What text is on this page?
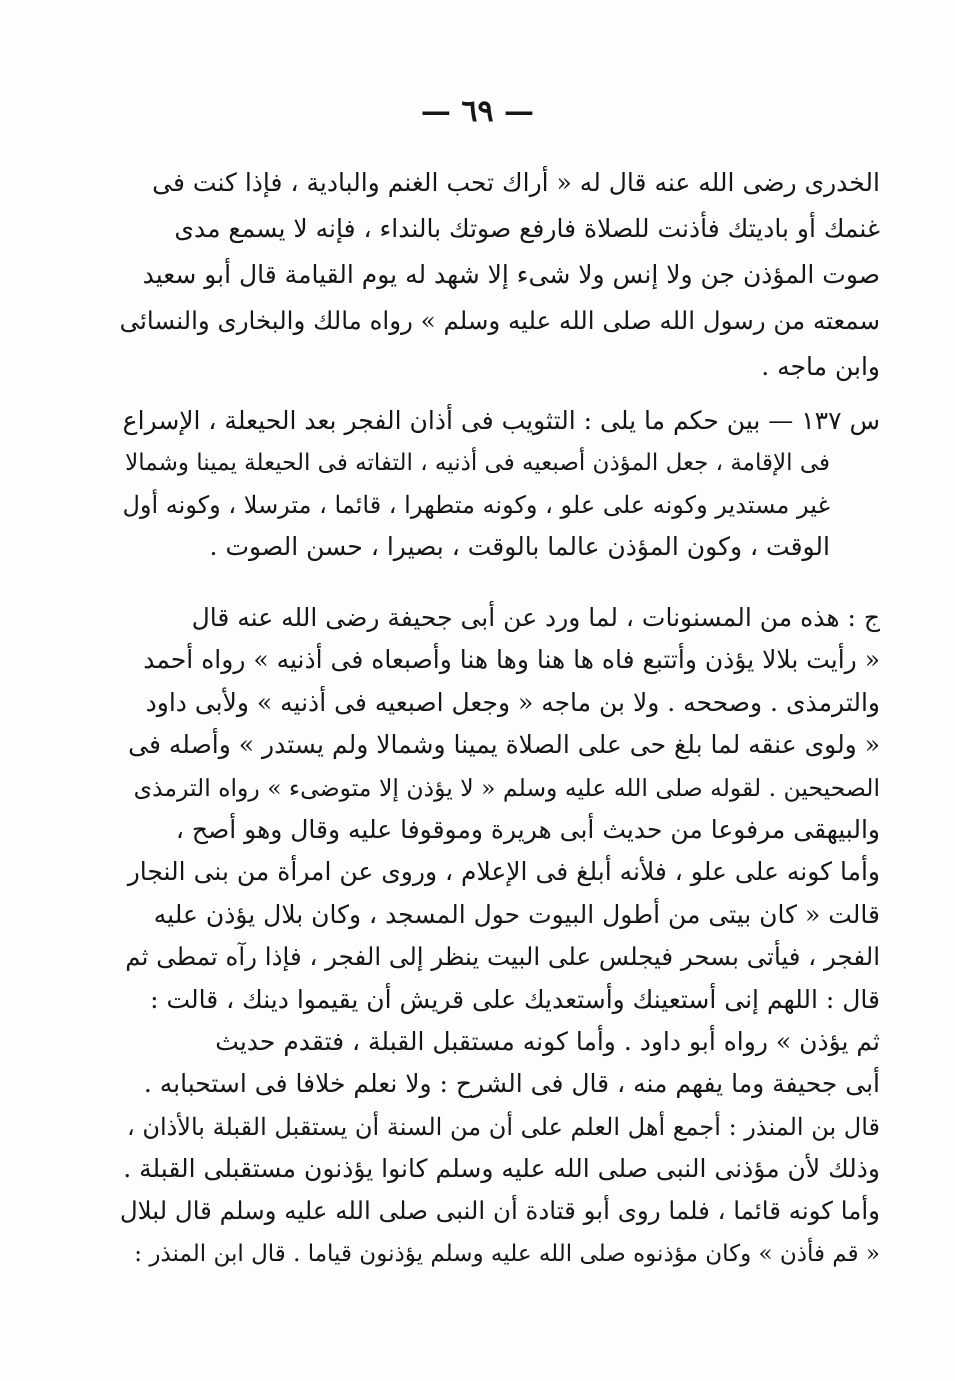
— ٦٩ —
الخدرى رضى الله عنه قال له « أراك تحب الغنم والبادية ، فإذا كنت فى
غنمك أو باديتك فأذنت للصلاة فارفع صوتك بالنداء ، فإنه لا يسمع مدى
صوت المؤذن جن ولا إنس ولا شىء إلا شهد له يوم القيامة قال أبو سعيد
سمعته من رسول الله صلى الله عليه وسلم » رواه مالك والبخارى والنسائى
وابن ماجه .
س ١٣٧ — بين حكم ما يلى : التثويب فى أذان الفجر بعد الحيعلة ، الإسراع
فى الإقامة ، جعل المؤذن أصبعيه فى أذنيه ، التفاته فى الحيعلة يمينا وشمالا
غير مستدير وكونه على علو ، وكونه متطهرا ، قائما ، مترسلا ، وكونه أول
الوقت ، وكون المؤذن عالما بالوقت ، بصيرا ، حسن الصوت .
ج : هذه من المسنونات ، لما ورد عن أبى جحيفة رضى الله عنه قال
« رأيت بلالا يؤذن وأتتبع فاه ها هنا وها هنا وأصبعاه فى أذنيه » رواه أحمد
والترمذى . وصححه . ولا بن ماجه « وجعل اصبعيه فى أذنيه » ولأبى داود
« ولوى عنقه لما بلغ حى على الصلاة يمينا وشمالا ولم يستدر » وأصله فى
الصحيحين . لقوله صلى الله عليه وسلم « لا يؤذن إلا متوضىء » رواه الترمذى
والبيهقى مرفوعا من حديث أبى هريرة وموقوفا عليه وقال وهو أصح ،
وأما كونه على علو ، فلأنه أبلغ فى الإعلام ، وروى عن امرأة من بنى النجار
قالت « كان بيتى من أطول البيوت حول المسجد ، وكان بلال يؤذن عليه
الفجر ، فيأتى بسحر فيجلس على البيت ينظر إلى الفجر ، فإذا رآه تمطى ثم
قال : اللهم إنى أستعينك وأستعديك على قريش أن يقيموا دينك ، قالت :
ثم يؤذن » رواه أبو داود . وأما كونه مستقبل القبلة ، فتقدم حديث
أبى جحيفة وما يفهم منه ، قال فى الشرح : ولا نعلم خلافا فى استحبابه .
قال بن المنذر : أجمع أهل العلم على أن من السنة أن يستقبل القبلة بالأذان ،
وذلك لأن مؤذنى النبى صلى الله عليه وسلم كانوا يؤذنون مستقبلى القبلة .
وأما كونه قائما ، فلما روى أبو قتادة أن النبى صلى الله عليه وسلم قال لبلال
« قم فأذن » وكان مؤذنوه صلى الله عليه وسلم يؤذنون قياما . قال ابن المنذر :
